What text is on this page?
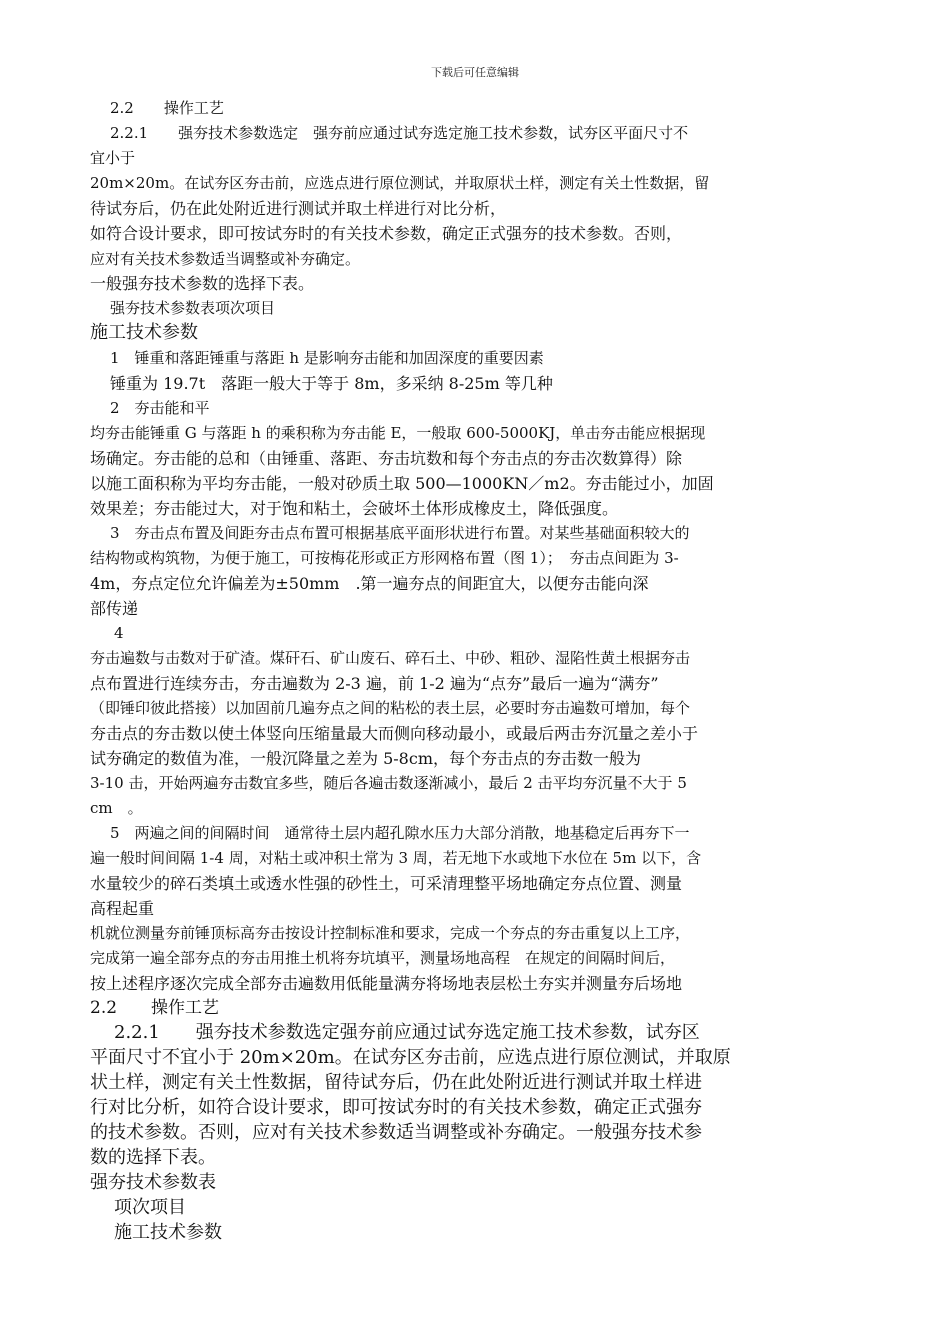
下载后可任意编辑
2.2　　操作工艺
2.2.1　　强夯技术参数选定　强夯前应通过试夯选定施工技术参数，试夯区平面尺寸不
宜小于
20m×20m。在试夯区夯击前，应选点进行原位测试，并取原状土样，测定有关土性数据，留
待试夯后，仍在此处附近进行测试并取土样进行对比分析，
如符合设计要求，即可按试夯时的有关技术参数，确定正式强夯的技术参数。否则，
应对有关技术参数适当调整或补夯确定。
一般强夯技术参数的选择下表。
强夯技术参数表项次项目
施工技术参数
1　锤重和落距锤重与落距 h 是影响夯击能和加固深度的重要因素
锤重为 19.7t　落距一般大于等于 8m，多采纳 8-25m 等几种
2　夯击能和平
均夯击能锤重 G 与落距 h 的乘积称为夯击能 E，一般取 600-5000KJ，单击夯击能应根据现
场确定。夯击能的总和（由锤重、落距、夯击坑数和每个夯击点的夯击次数算得）除
以施工面积称为平均夯击能，一般对砂质土取 500—1000KN／m2。夯击能过小，加固
效果差；夯击能过大，对于饱和粘土，会破坏土体形成橡皮土，降低强度。
3　夯击点布置及间距夯击点布置可根据基底平面形状进行布置。对某些基础面积较大的
结构物或构筑物，为便于施工，可按梅花形或正方形网格布置（图 1）；　夯击点间距为 3-
4m，夯点定位允许偏差为±50mm　.第一遍夯点的间距宜大，以便夯击能向深
部传递
4
夯击遍数与击数对于矿渣。煤矸石、矿山废石、碎石土、中砂、粗砂、湿陷性黄土根据夯击
点布置进行连续夯击，夯击遍数为 2-3 遍，前 1-2 遍为“点夯”最后一遍为“满夯”
（即锤印彼此搭接）以加固前几遍夯点之间的粘松的表土层，必要时夯击遍数可增加，每个
夯击点的夯击数以使土体竖向压缩量最大而侧向移动最小，或最后两击夯沉量之差小于
试夯确定的数值为准，一般沉降量之差为 5-8cm，每个夯击点的夯击数一般为
3-10 击，开始两遍夯击数宜多些，随后各遍击数逐渐减小，最后 2 击平均夯沉量不大于 5
cm　。
5　两遍之间的间隔时间　通常待土层内超孔隙水压力大部分消散，地基稳定后再夯下一
遍一般时间间隔 1-4 周，对粘土或冲积土常为 3 周，若无地下水或地下水位在 5m 以下，含
水量较少的碎石类填土或透水性强的砂性土，可采清理整平场地确定夯点位置、测量
高程起重
机就位测量夯前锤顶标高夯击按设计控制标准和要求，完成一个夯点的夯击重复以上工序，
完成第一遍全部夯点的夯击用推土机将夯坑填平，测量场地高程　在规定的间隔时间后，
按上述程序逐次完成全部夯击遍数用低能量满夯将场地表层松土夯实并测量夯后场地
2.2　　操作工艺
2.2.1　　强夯技术参数选定强夯前应通过试夯选定施工技术参数，试夯区
平面尺寸不宜小于 20m×20m。在试夯区夯击前，应选点进行原位测试，并取原
状土样，测定有关土性数据，留待试夯后，仍在此处附近进行测试并取土样进
行对比分析，如符合设计要求，即可按试夯时的有关技术参数，确定正式强夯
的技术参数。否则，应对有关技术参数适当调整或补夯确定。一般强夯技术参
数的选择下表。
强夯技术参数表
项次项目
施工技术参数
